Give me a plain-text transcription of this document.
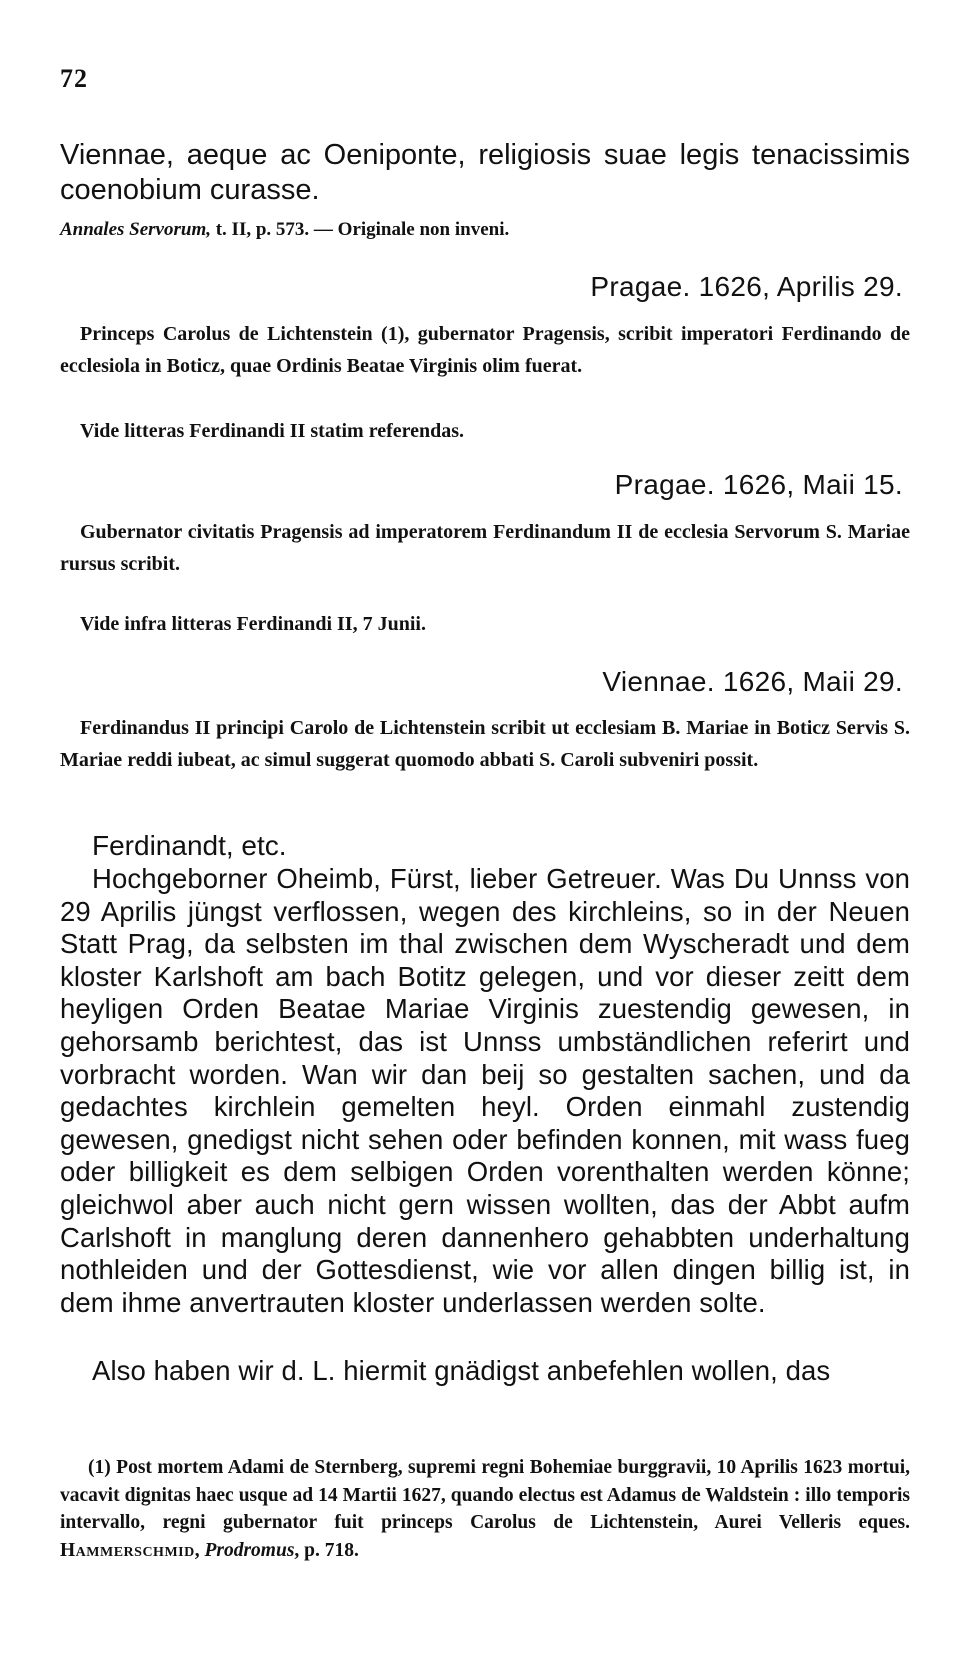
72
Viennae, aeque ac Oeniponte, religiosis suae legis tenacissimis coenobium curasse.
Annales Servorum, t. II, p. 573. — Originale non inveni.
Pragae. 1626, Aprilis 29.
Princeps Carolus de Lichtenstein (1), gubernator Pragensis, scribit imperatori Ferdinando de ecclesiola in Boticz, quae Ordinis Beatae Virginis olim fuerat.
Vide litteras Ferdinandi II statim referendas.
Pragae. 1626, Maii 15.
Gubernator civitatis Pragensis ad imperatorem Ferdinandum II de ecclesia Servorum S. Mariae rursus scribit.
Vide infra litteras Ferdinandi II, 7 Junii.
Viennae. 1626, Maii 29.
Ferdinandus II principi Carolo de Lichtenstein scribit ut ecclesiam B. Mariae in Boticz Servis S. Mariae reddi iubeat, ac simul suggerat quomodo abbati S. Caroli subveniri possit.
Ferdinandt, etc.
Hochgeborner Oheimb, Fürst, lieber Getreuer. Was Du Unnss von 29 Aprilis jüngst verflossen, wegen des kirchleins, so in der Neuen Statt Prag, da selbsten im thal zwischen dem Wyscheradt und dem kloster Karlshoft am bach Botitz gelegen, und vor dieser zeitt dem heyligen Orden Beatae Mariae Virginis zuestendig gewesen, in gehorsamb berichtest, das ist Unnss umbständlichen referirt und vorbracht worden. Wan wir dan beij so gestalten sachen, und da gedachtes kirchlein gemelten heyl. Orden einmahl zustendig gewesen, gnedigst nicht sehen oder befinden konnen, mit wass fueg oder billigkeit es dem selbigen Orden vorenthalten werden könne; gleichwol aber auch nicht gern wissen wollten, das der Abbt aufm Carlshoft in manglung deren dannenhero gehabbten underhaltung nothleiden und der Gottesdienst, wie vor allen dingen billig ist, in dem ihme anvertrauten kloster underlassen werden solte.
Also haben wir d. L. hiermit gnädigst anbefehlen wollen, das
(1) Post mortem Adami de Sternberg, supremi regni Bohemiae burggravii, 10 Aprilis 1623 mortui, vacavit dignitas haec usque ad 14 Martii 1627, quando electus est Adamus de Waldstein : illo temporis intervallo, regni gubernator fuit princeps Carolus de Lichtenstein, Aurei Velleris eques. Hammerschmid, Prodromus, p. 718.
